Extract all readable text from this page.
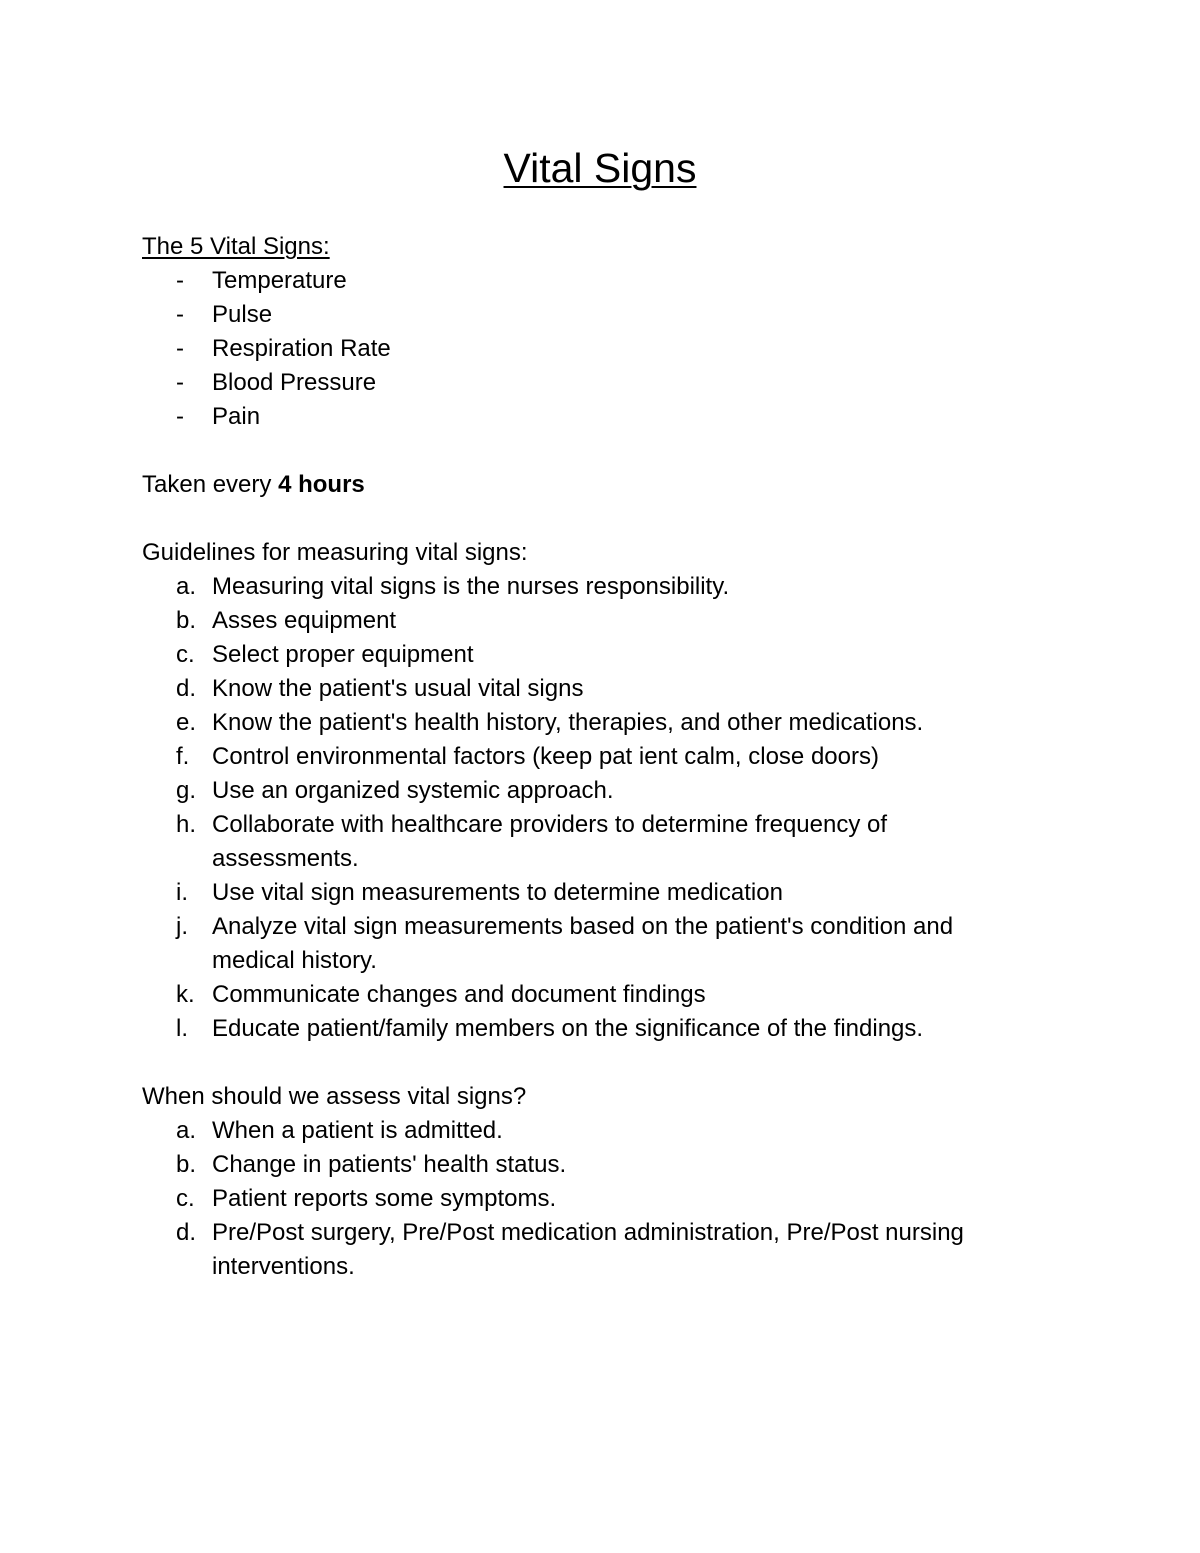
Vital Signs

The 5 Vital Signs:

- Temperature
- Pulse
- Respiration Rate
- Blood Pressure
- Pain

Taken every 4 hours

Guidelines for measuring vital signs:

a. Measuring vital signs is the nurses responsibility.
b. Asses equipment
c. Select proper equipment
d. Know the patient's usual vital signs
e. Know the patient's health history, therapies, and other medications.
f. Control environmental factors (keep pat ient calm, close doors)
g. Use an organized systemic approach.
h. Collaborate with healthcare providers to determine frequency of
assessments.
i. Use vital sign measurements to determine medication
j. Analyze vital sign measurements based on the patient's condition and
medical history.
k. Communicate changes and document findings
l. Educate patient/family members on the significance of the findings.

When should we assess vital signs?

a. When a patient is admitted.
b. Change in patients' health status.
c. Patient reports some symptoms.
d. Pre/Post surgery, Pre/Post medication administration, Pre/Post nursing
interventions.
